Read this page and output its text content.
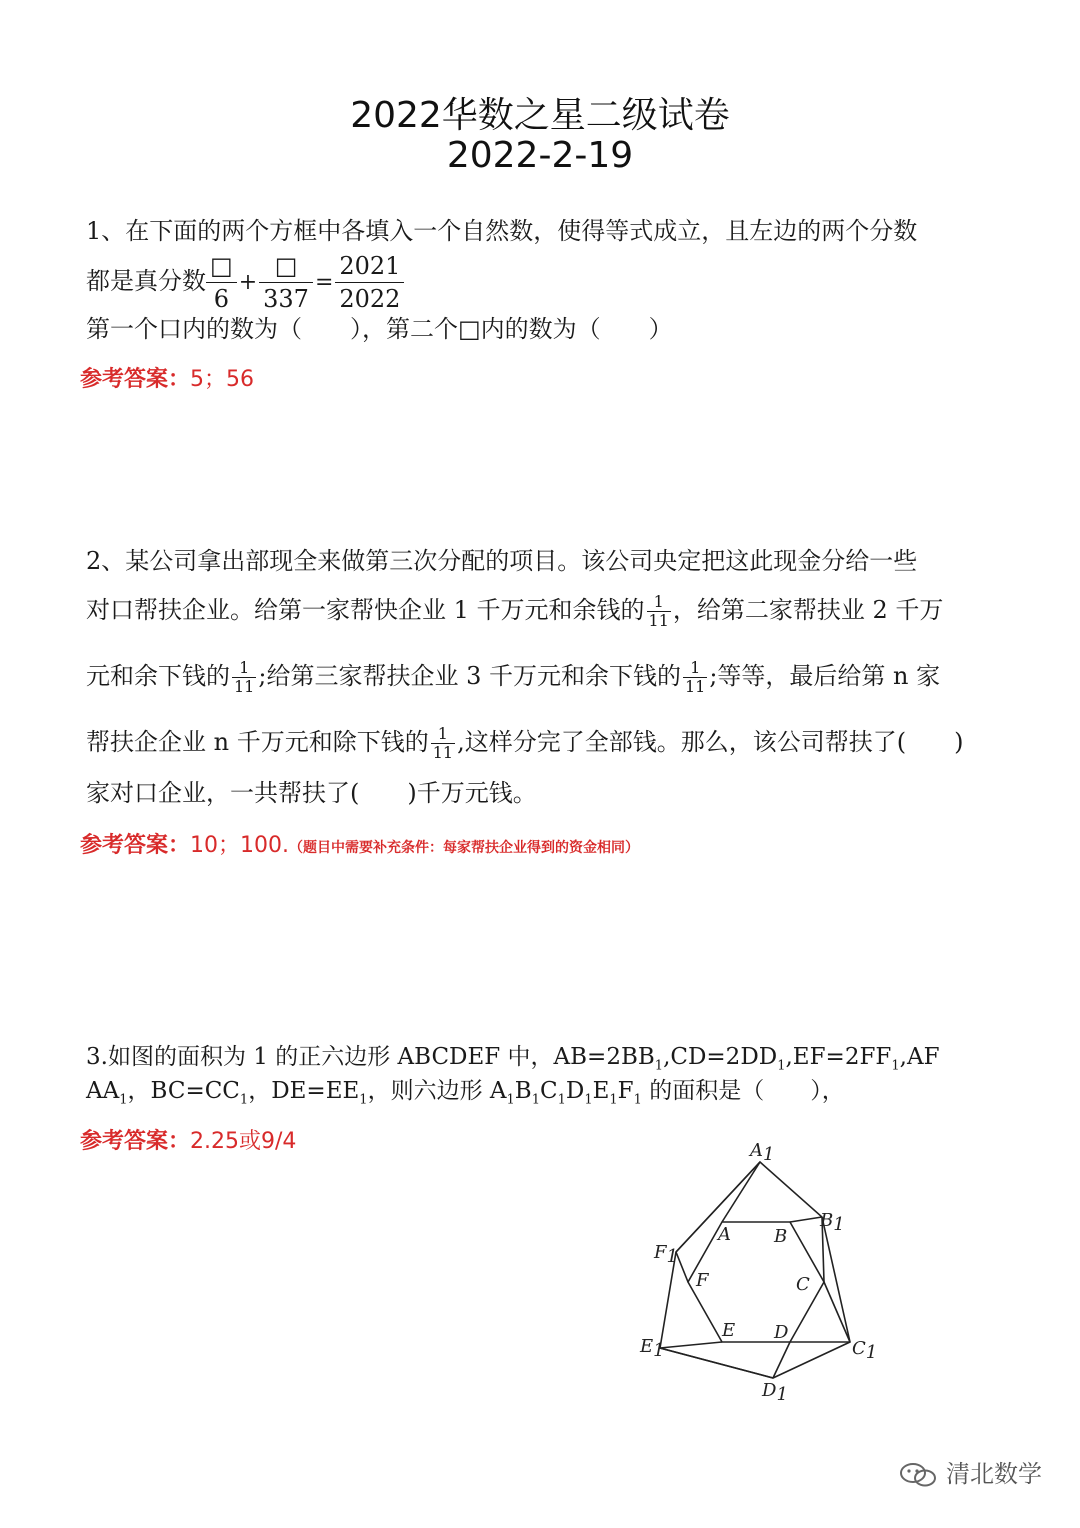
2022华数之星二级试卷
2022-2-19
1、在下面的两个方框中各填入一个自然数，使得等式成立，且左边的两个分数
都是真分数
□
6
+
□
337
= $\frac{2021}{2022}$
第一个口内的数为（　　），第二个□内的数为（　　）
参考答案：5；56
2、某公司拿出部现全来做第三次分配的项目。该公司央定把这此现金分给一些
对口帮扶企业。给第一家帮快企业 1 千万元和余钱的 $\frac{1}{11}$ ，给第二家帮扶业 2 千万
元和余下钱的 $\frac{1}{11}$ ;给第三家帮扶企业 3 千万元和余下钱的 $\frac{1}{11}$ ;等等，最后给第 n 家
帮扶企企业 n 千万元和除下钱的 $\frac{1}{11}$ ,这样分完了全部钱。那么，该公司帮扶了(　　)
家对口企业，一共帮扶了(　　)千万元钱。
参考答案：10；100.（题目中需要补充条件：每家帮扶企业得到的资金相同）
3.如图的面积为 1 的正六边形 ABCDEF 中，$AB=2BB_1,CD=2DD_1,EF=2FF_1,AF$
$AA_1$，$BC=CC_1$，$DE=EE_1$，则六边形 $A_1B_1C_1D_1E_1F_1$ 的面积是（　　），
参考答案：2.25或9/4	A1
B1
C1
D1
E1
F1
A B
C
D
E
F
清北数学
